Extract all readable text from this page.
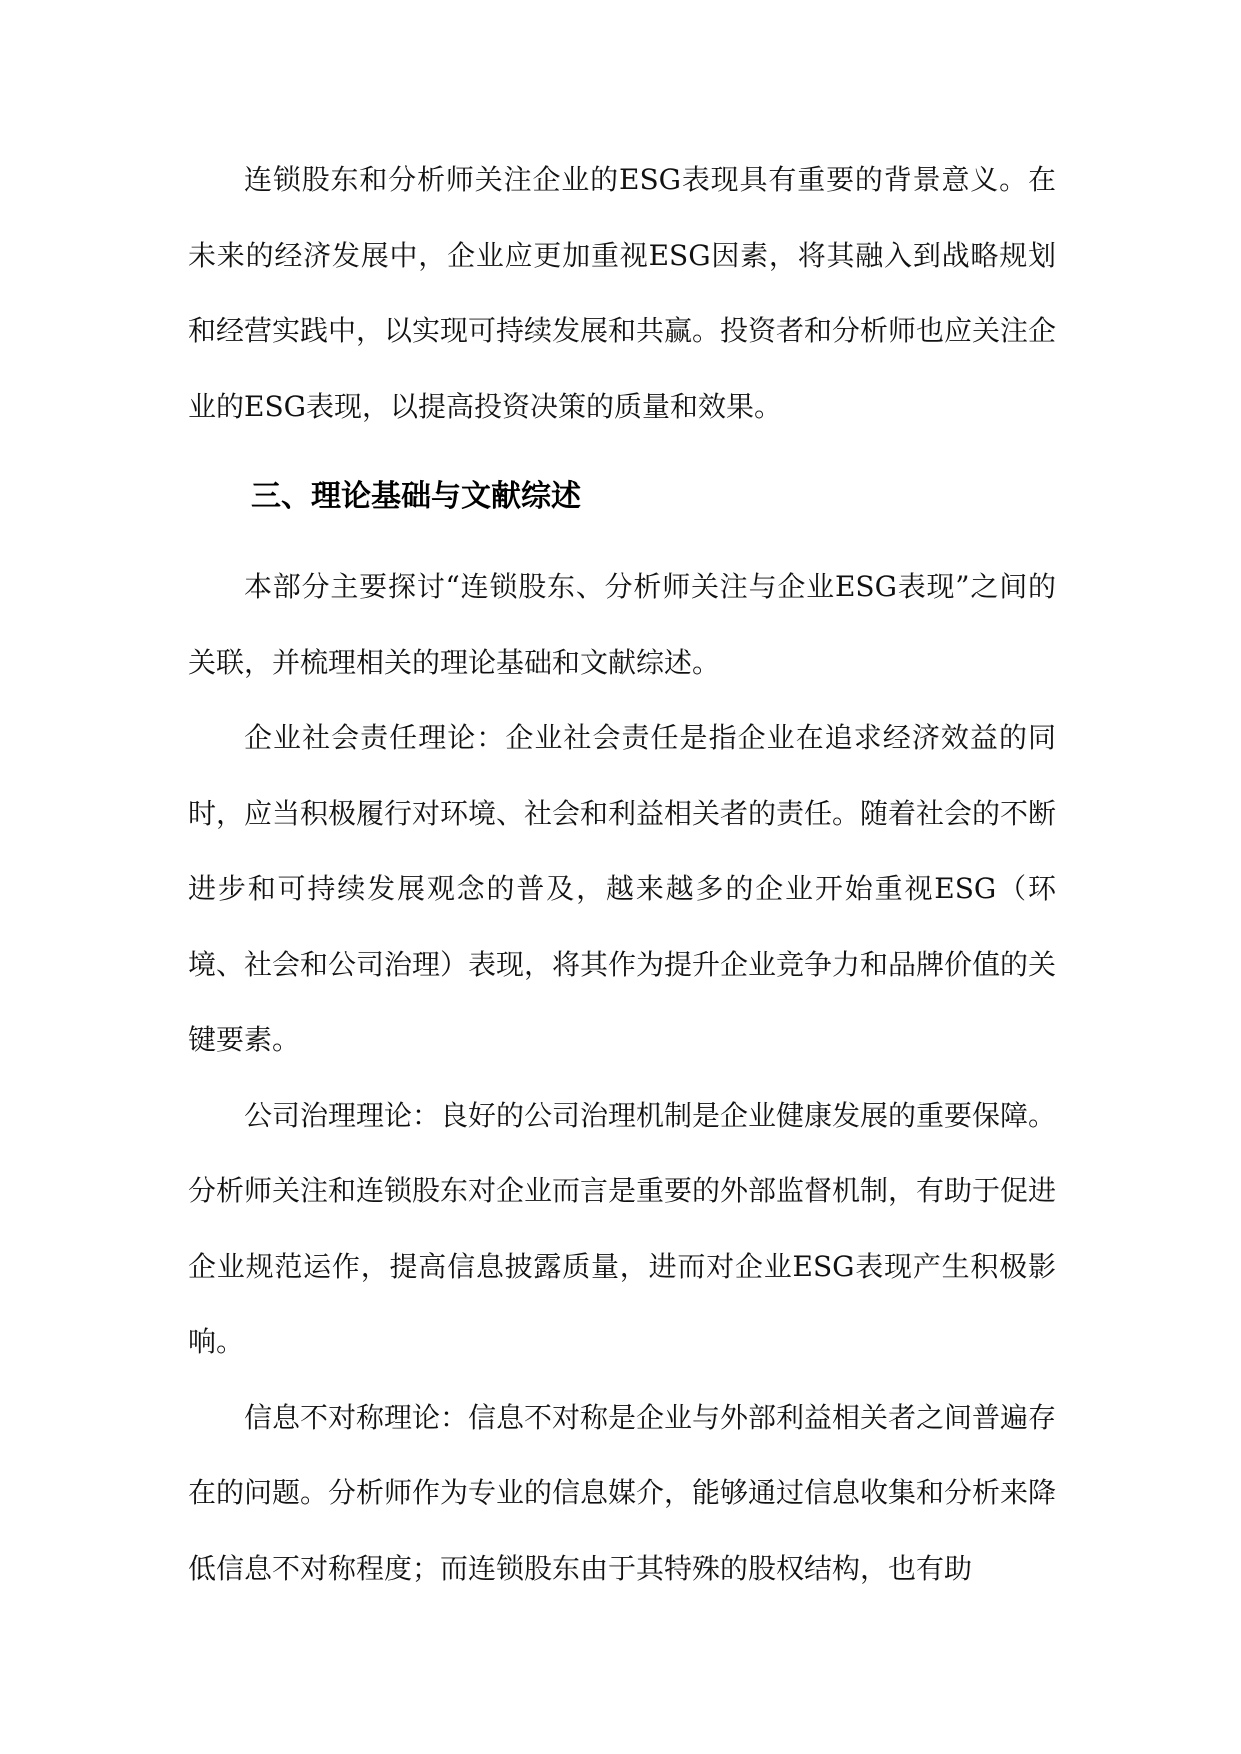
连锁股东和分析师关注企业的ESG表现具有重要的背景意义。在未来的经济发展中，企业应更加重视ESG因素，将其融入到战略规划和经营实践中，以实现可持续发展和共赢。投资者和分析师也应关注企业的ESG表现，以提高投资决策的质量和效果。

三、理论基础与文献综述

本部分主要探讨“连锁股东、分析师关注与企业ESG表现”之间的关联，并梳理相关的理论基础和文献综述。

企业社会责任理论：企业社会责任是指企业在追求经济效益的同时，应当积极履行对环境、社会和利益相关者的责任。随着社会的不断进步和可持续发展观念的普及，越来越多的企业开始重视ESG（环境、社会和公司治理）表现，将其作为提升企业竞争力和品牌价值的关键要素。

公司治理理论：良好的公司治理机制是企业健康发展的重要保障。分析师关注和连锁股东对企业而言是重要的外部监督机制，有助于促进企业规范运作，提高信息披露质量，进而对企业ESG表现产生积极影响。

信息不对称理论：信息不对称是企业与外部利益相关者之间普遍存在的问题。分析师作为专业的信息媒介，能够通过信息收集和分析来降低信息不对称程度；而连锁股东由于其特殊的股权结构，也有助
